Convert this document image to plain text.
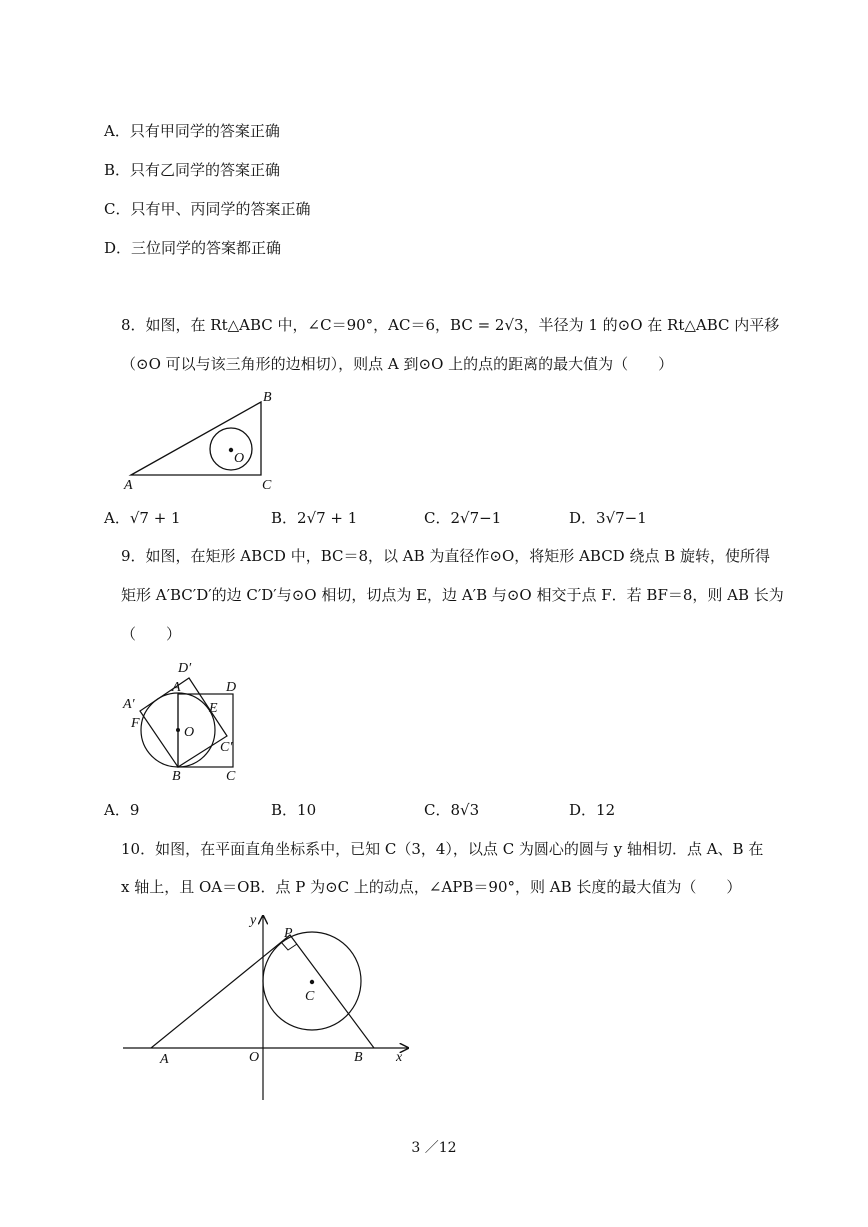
A．只有甲同学的答案正确
B．只有乙同学的答案正确
C．只有甲、丙同学的答案正确
D．三位同学的答案都正确
8．如图，在 Rt△ABC 中，∠C＝90°，AC＝6，BC = 2√3，半径为 1 的⊙O 在 Rt△ABC 内平移
（⊙O 可以与该三角形的边相切），则点 A 到⊙O 上的点的距离的最大值为（　　）
B
O
A	C
A．√7 + 1	B．2√7 + 1	C．2√7−1	D．3√7−1
9．如图，在矩形 ABCD 中，BC＝8，以 AB 为直径作⊙O，将矩形 ABCD 绕点 B 旋转，使所得
矩形 A′BC′D′的边 C′D′与⊙O 相切，切点为 E，边 A′B 与⊙O 相交于点 F．若 BF＝8，则 AB 长为
（　　）
D′
A	D
A′	E
F
O
C′
B	C
A．9	B．10	C．8√3	D．12
10．如图，在平面直角坐标系中，已知 C（3，4），以点 C 为圆心的圆与 y 轴相切．点 A、B 在
x 轴上，且 OA＝OB．点 P 为⊙C 上的动点，∠APB＝90°，则 AB 长度的最大值为（　　）
y
P
C
A	O	B x
3 ／12
